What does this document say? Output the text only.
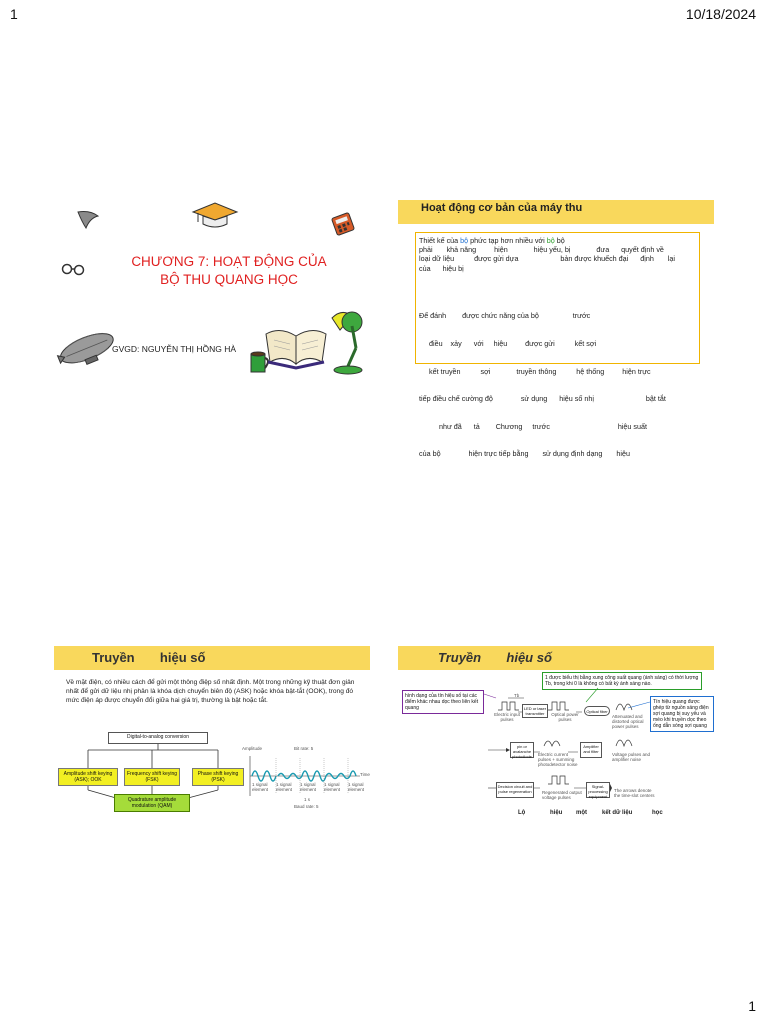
1	10/18/2024
1
CHƯƠNG 7: HOẠT ĐỘNG CỦA
BỘ THU QUANG HỌC
GVGD: NGUYỄN THỊ HỒNG HÀ
Hoạt động cơ bản của máy thu
Thiết kế của bộ phức tạp hơn nhiều với bộ bộ
phải       khả năng         hiện             hiệu yếu, bị             đưa      quyết định về
loại dữ liệu          được gửi dựa                     bản được khuếch đại      định       lại
của      hiệu bị

Để đánh        được chức năng của bộ                 trước

điều    xảy      với     hiệu         được gửi          kết sợi

kết truyền          sợi             truyền thông          hệ thống         hiện trực

tiếp điều chế cường độ              sử dụng      hiệu số nhị                          bật tắt

như đã      tả        Chương     trước                                  hiệu suất

của bộ              hiện trực tiếp bằng       sử dụng định dạng       hiệu

Truyền       hiệu số
Về mặt điện, có nhiều cách để gửi một thông điệp số nhất định. Một trong những kỹ thuật đơn giản nhất để gửi dữ liệu nhị phân là khóa dịch chuyển biên độ (ASK) hoặc khóa bật-tắt (OOK), trong đó mức điện áp được chuyển đổi giữa hai giá trị, thường là bật hoặc tắt.
Digital-to-analog conversion
Amplitude shift keying (ASK); OOK
Frequency shift keying (FSK)
Phase shift keying (PSK)
Quadrature amplitude modulation (QAM)
Amplitude	Bit rate: 5
Time
1 signal element
1 signal element
1 signal element
1 signal element
1 signal element
1 s
Baud rate: 5
Truyền       hiệu số
1 được biểu thị bằng xung công suất quang (ánh sáng) có thời lượng Tb, trong khi 0 là không có bất kỳ ánh sáng nào.
hình dạng của tín hiệu số tại các điểm khác nhau dọc theo liên kết quang
Tín hiệu quang được ghép từ nguồn sáng điện sợi quang bị suy yếu và méo khi truyền dọc theo ống dẫn sóng sợi quang
Electric input pulses
LED or laser transmitter	Optical power pulses
Optical fiber
Attenuated and distorted optical power pulses
Tb
pin or avalanche photodiode	Electric current pulses + summing photodetector noise
Amplifier and filter
Voltage pulses and amplifier noise
Decision circuit and pulse regeneration	Regenerated output voltage pulses
Signal-processing equipment
The arrows denote the time-slot centers
Lộ	hiệu một	kết dữ liệu	học
